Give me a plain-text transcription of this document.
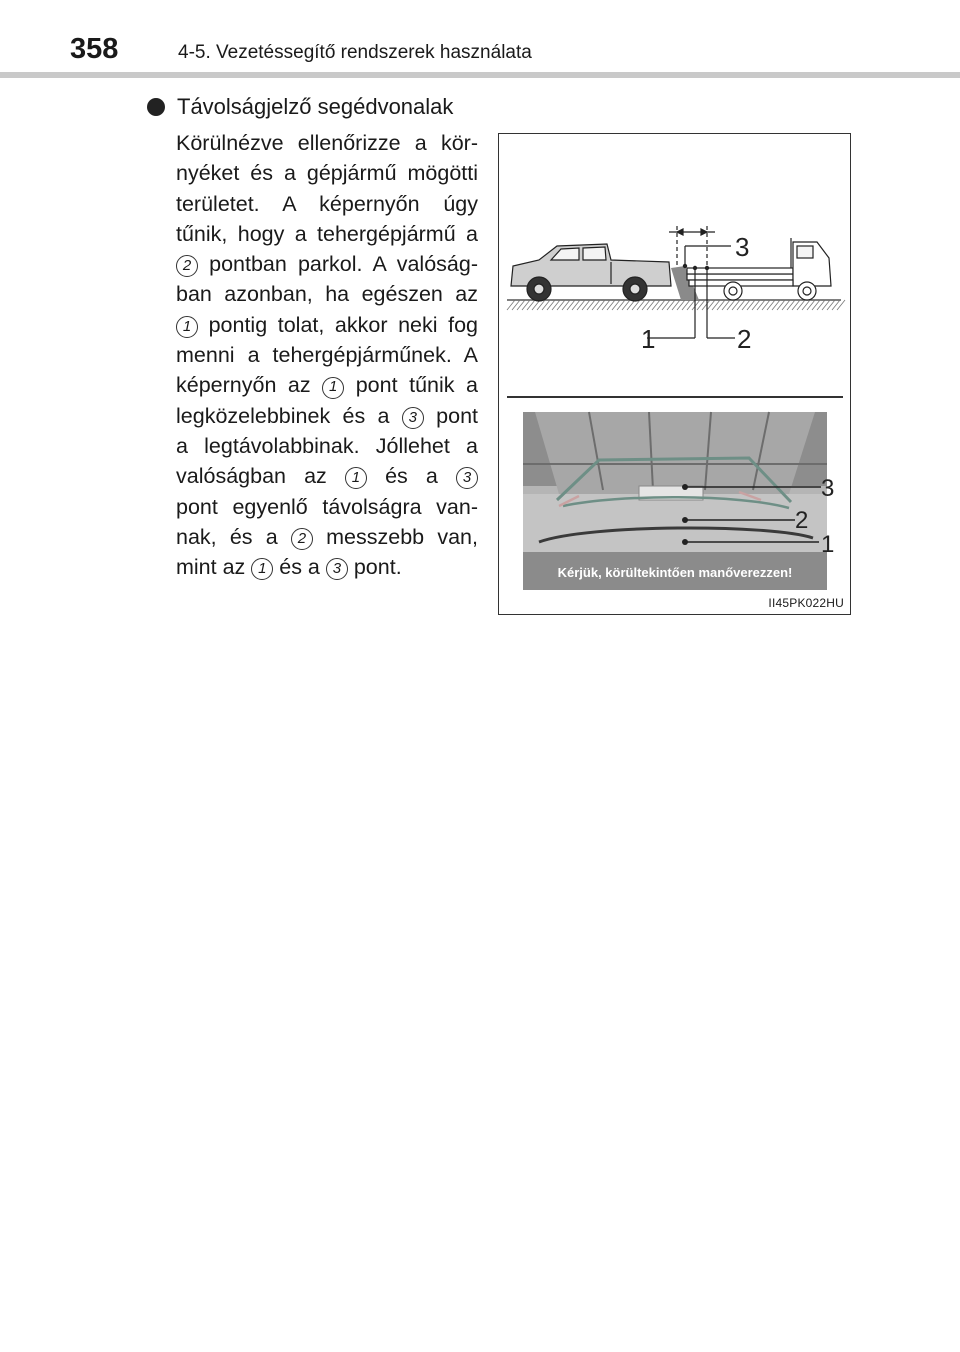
358	4-5. Vezetéssegítő rendszerek használata
Távolságjelző segédvonalak
Körülnézve ellenőrizze a kör-
nyéket és a gépjármű mögötti
területet. A képernyőn úgy
tűnik, hogy a tehergépjármű a
2 pontban parkol. A valóság-
ban azonban, ha egészen az
1 pontig tolat, akkor neki fog
menni a tehergépjárműnek. A
képernyőn az 1 pont tűnik a
legközelebbinek és a 3 pont
a legtávolabbinak. Jóllehet a
valóságban az 1 és a 3
pont egyenlő távolságra van-
nak, és a 2 messzebb van,
mint az 1 és a 3 pont.
3
1	2
Kérjük, körültekintően manőverezzen!
3
2
1
II45PK022HU
